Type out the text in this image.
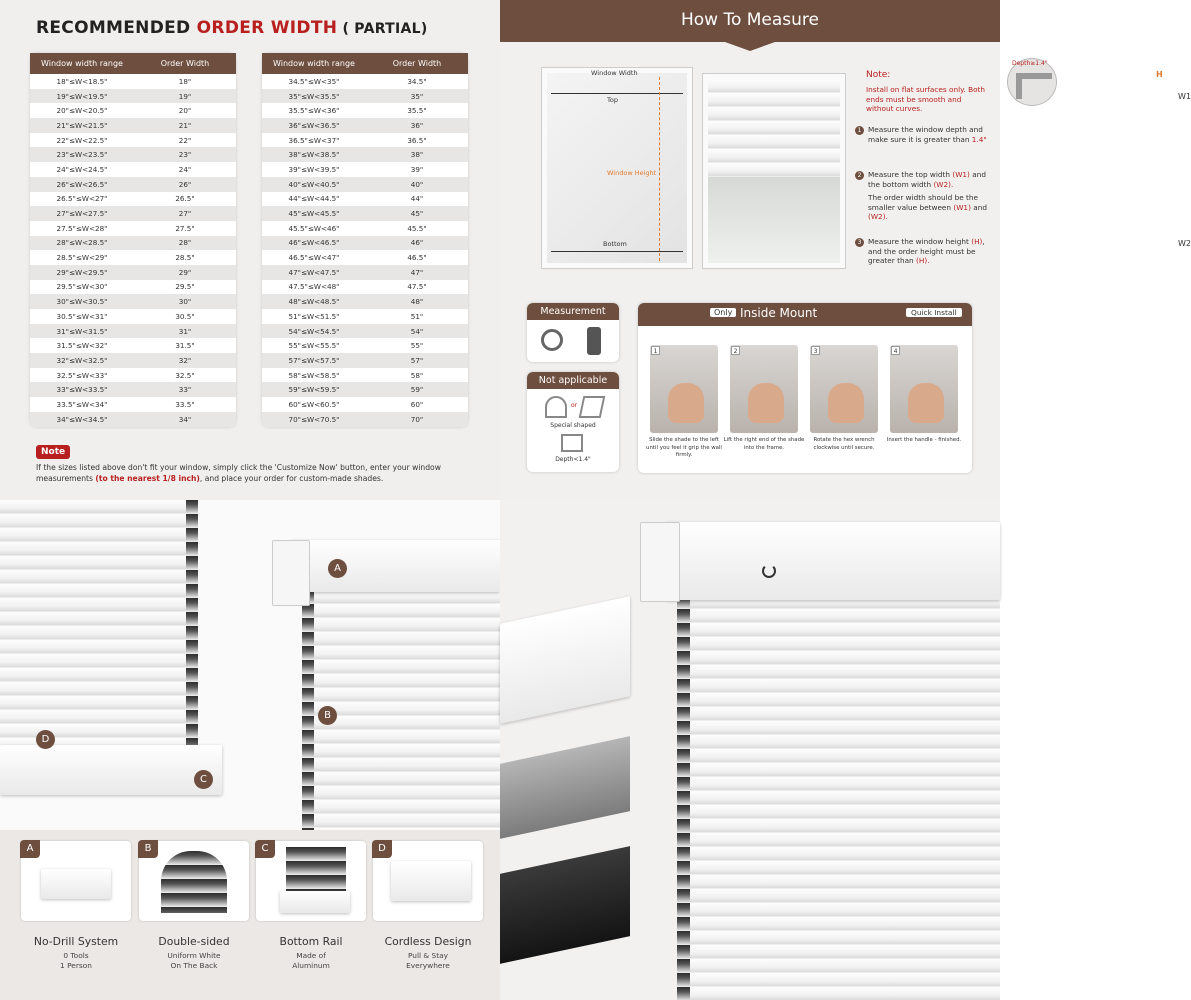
RECOMMENDED ORDER WIDTH ( PARTIAL)
Window width range	Order Width
18"≤W<18.5"	18"
19"≤W<19.5"	19"
20"≤W<20.5"	20"
21"≤W<21.5"	21"
22"≤W<22.5"	22"
23"≤W<23.5"	23"
24"≤W<24.5"	24"
26"≤W<26.5"	26"
26.5"≤W<27"	26.5"
27"≤W<27.5"	27"
27.5"≤W<28"	27.5"
28"≤W<28.5"	28"
28.5"≤W<29"	28.5"
29"≤W<29.5"	29"
29.5"≤W<30"	29.5"
30"≤W<30.5"	30"
30.5"≤W<31"	30.5"
31"≤W<31.5"	31"
31.5"≤W<32"	31.5"
32"≤W<32.5"	32"
32.5"≤W<33"	32.5"
33"≤W<33.5"	33"
33.5"≤W<34"	33.5"
34"≤W<34.5"	34"
Window width range	Order Width
34.5"≤W<35"	34.5"
35"≤W<35.5"	35"
35.5"≤W<36"	35.5"
36"≤W<36.5"	36"
36.5"≤W<37"	36.5"
38"≤W<38.5"	38"
39"≤W<39.5"	39"
40"≤W<40.5"	40"
44"≤W<44.5"	44"
45"≤W<45.5"	45"
45.5"≤W<46"	45.5"
46"≤W<46.5"	46"
46.5"≤W<47"	46.5"
47"≤W<47.5"	47"
47.5"≤W<48"	47.5"
48"≤W<48.5"	48"
51"≤W<51.5"	51"
54"≤W<54.5"	54"
55"≤W<55.5"	55"
57"≤W<57.5"	57"
58"≤W<58.5"	58"
59"≤W<59.5"	59"
60"≤W<60.5"	60"
70"≤W<70.5"	70"
Note
If the sizes listed above don't fit your window, simply click the 'Customize Now' button, enter your window measurements (to the nearest 1/8 inch), and place your order for custom-made shades.
How To Measure
Window Width
Top
Window Height
Bottom
H
W1
W2
Depth≥1.4"
Note:
Install on flat surfaces only. Both ends must be smooth and without curves.
1 Measure the window depth and make sure it is greater than 1.4"
2 Measure the top width (W1) and the bottom width (W2).
The order width should be the smaller value between (W1) and (W2).
3 Measure the window height (H), and the order height must be greater than (H).
Measurement
Not applicable
or
Special shaped
Depth<1.4"
Only Inside Mount	Quick Install
1	2	3	4
Slide the shade to the left until you feel it grip the wall firmly.
Lift the right end of the shade into the frame.
Rotate the hex wrench clockwise until secure.
Insert the handle - finished.
A
B
C
D
A	B	C	D
No-Drill System	Double-sided	Bottom Rail	Cordless Design
0 Tools
1 Person
Uniform White
On The Back
Made of
Aluminum
Pull & Stay
Everywhere
